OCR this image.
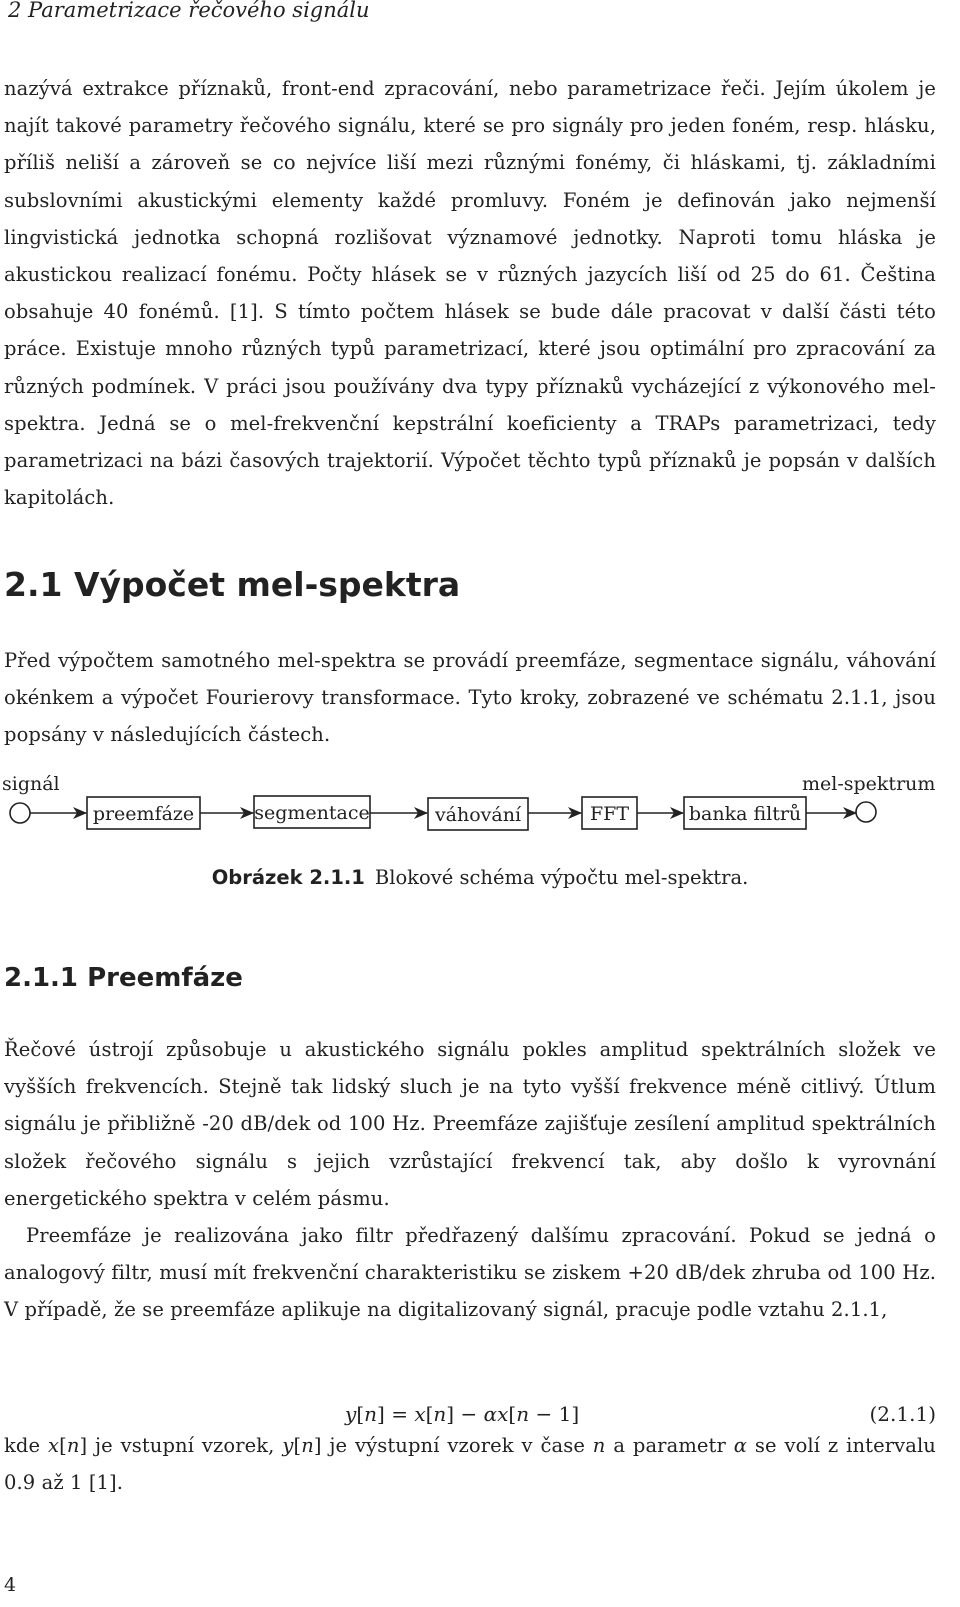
2 Parametrizace řečového signálu

nazývá extrakce příznaků, front-end zpracování, nebo parametrizace řeči. Jejím úkolem je najít takové parametry řečového signálu, které se pro signály pro jeden foném, resp. hlásku, příliš neliší a zároveň se co nejvíce liší mezi různými fonémy, či hláskami, tj. základními subslovními akustickými elementy každé promluvy. Foném je definován jako nejmenší lingvistická jednotka schopná rozlišovat významové jednotky. Naproti tomu hláska je akustickou realizací fonému. Počty hlásek se v různých jazycích liší od 25 do 61. Čeština obsahuje 40 fonémů. [1]. S tímto počtem hlásek se bude dále pracovat v další části této práce. Existuje mnoho různých typů parametrizací, které jsou optimální pro zpracování za různých podmínek. V práci jsou používány dva typy příznaků vycházející z výkonového mel-spektra. Jedná se o mel-frekvenční kepstrální koeficienty a TRAPs parametrizaci, tedy parametrizaci na bázi časových trajektorií. Výpočet těchto typů příznaků je popsán v dalších kapitolách.

2.1 Výpočet mel-spektra

Před výpočtem samotného mel-spektra se provádí preemfáze, segmentace signálu, váhování okénkem a výpočet Fourierovy transformace. Tyto kroky, zobrazené ve schématu 2.1.1, jsou popsány v následujících částech.

signál	mel-spektrum
preemfáze	segmentace	váhování	FFT	banka filtrů
Obrázek 2.1.1 Blokové schéma výpočtu mel-spektra.
2.1.1 Preemfáze

Řečové ústrojí způsobuje u akustického signálu pokles amplitud spektrálních složek ve vyšších frekvencích. Stejně tak lidský sluch je na tyto vyšší frekvence méně citlivý. Útlum signálu je přibližně -20 dB/dek od 100 Hz. Preemfáze zajišťuje zesílení amplitud spektrálních složek řečového signálu s jejich vzrůstající frekvencí tak, aby došlo k vyrovnání energetického spektra v celém pásmu.

Preemfáze je realizována jako filtr předřazený dalšímu zpracování. Pokud se jedná o analogový filtr, musí mít frekvenční charakteristiku se ziskem +20 dB/dek zhruba od 100 Hz. V případě, že se preemfáze aplikuje na digitalizovaný signál, pracuje podle vztahu 2.1.1,

y[n] = x[n] − αx[n − 1]	(2.1.1)

kde x[n] je vstupní vzorek, y[n] je výstupní vzorek v čase n a parametr α se volí z intervalu 0.9 až 1 [1].

4
